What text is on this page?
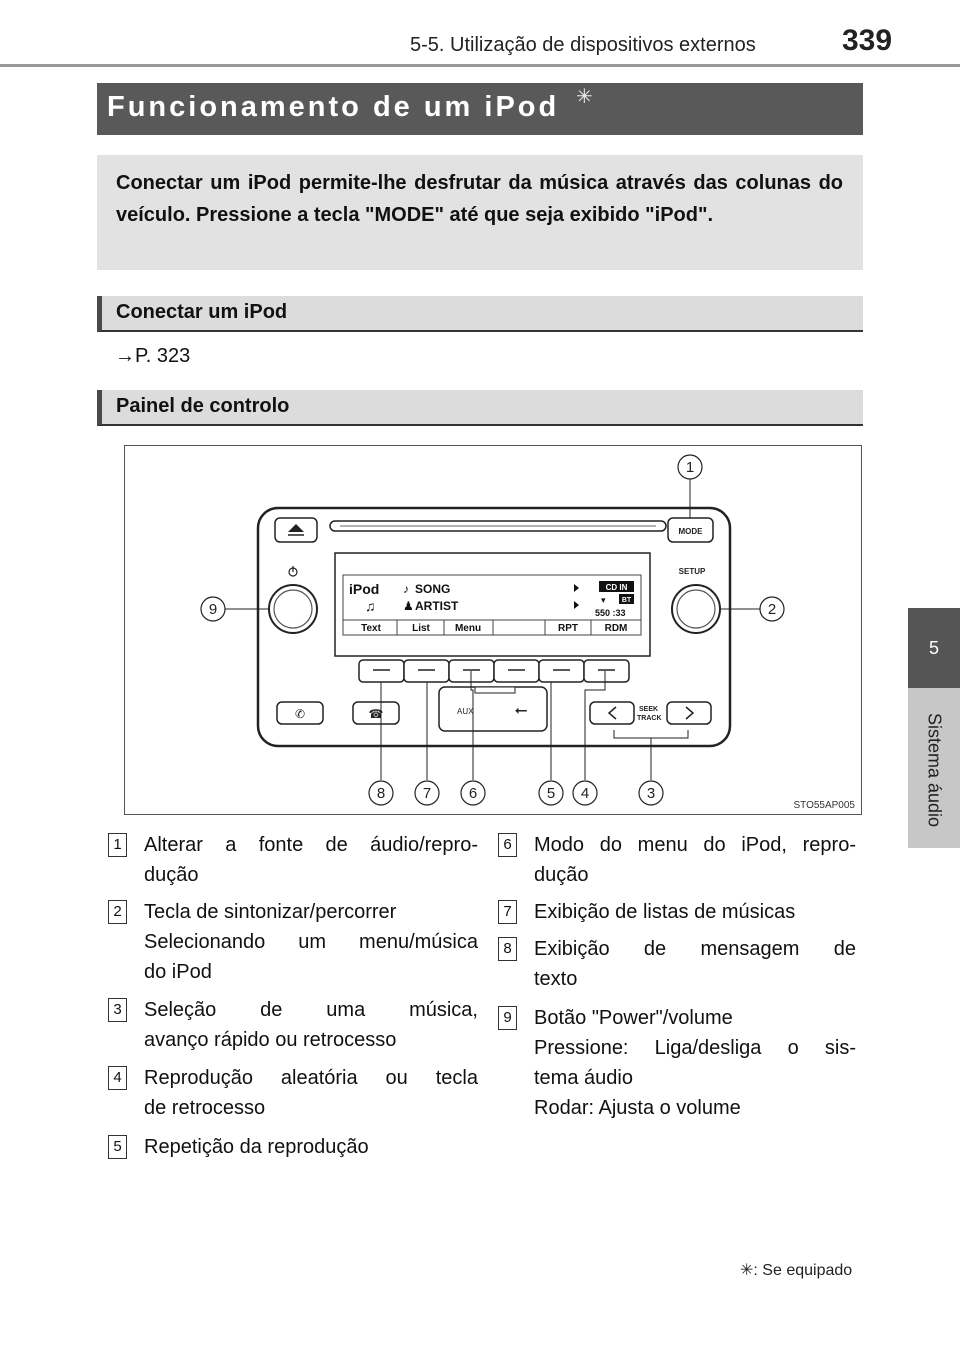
5-5. Utilização de dispositivos externos	339
5
Sistema áudio
Funcionamento de um iPod ✳
Conectar um iPod permite-lhe desfrutar da música através das colunas do veículo. Pressione a tecla "MODE" até que seja exibido "iPod".
Conectar um iPod
→P. 323
Painel de controlo
MODE
SETUP
iPod ♪ SONG
♫ ♟ ARTIST
CD IN
▾ BT
550 :33
Text	List	Menu	RPT	RDM
✆	☎	AUX	⭠	SEEK
TRACK
1
2
3
4
5
6
7
8
9
STO55AP005
1 Alterar a fonte de áudio/repro-
dução
2 Tecla de sintonizar/percorrer
Selecionando um menu/música
do iPod
3 Seleção de uma música,
avanço rápido ou retrocesso
4 Reprodução aleatória ou tecla
de retrocesso
5 Repetição da reprodução
6 Modo do menu do iPod, repro-
dução
7 Exibição de listas de músicas
8 Exibição de mensagem de
texto
9 Botão "Power"/volume
Pressione: Liga/desliga o sis-
tema áudio
Rodar: Ajusta o volume
✳: Se equipado
